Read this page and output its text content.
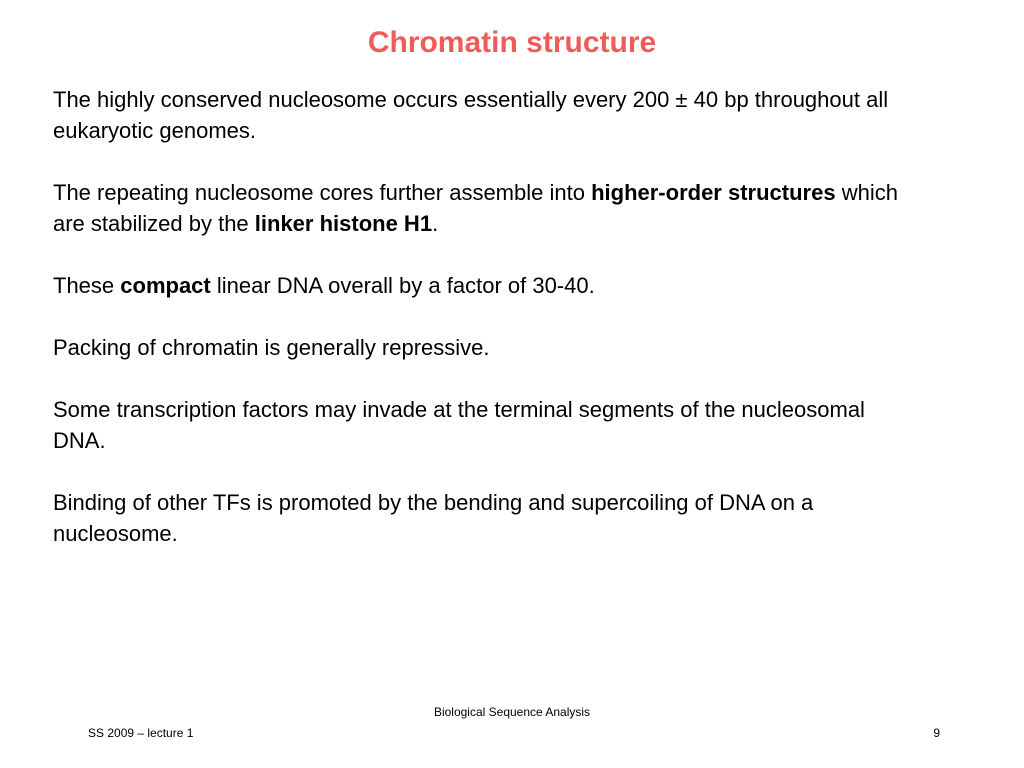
Chromatin structure

The highly conserved nucleosome occurs essentially every 200 ± 40 bp throughout all eukaryotic genomes.

The repeating nucleosome cores further assemble into higher-order structures which are stabilized by the linker histone H1.

These compact linear DNA overall by a factor of 30-40.

Packing of chromatin is generally repressive.

Some transcription factors may invade at the terminal segments of the nucleosomal DNA.

Binding of other TFs is promoted by the bending and supercoiling of DNA on a nucleosome.

Biological Sequence Analysis
SS 2009 – lecture 1	9
